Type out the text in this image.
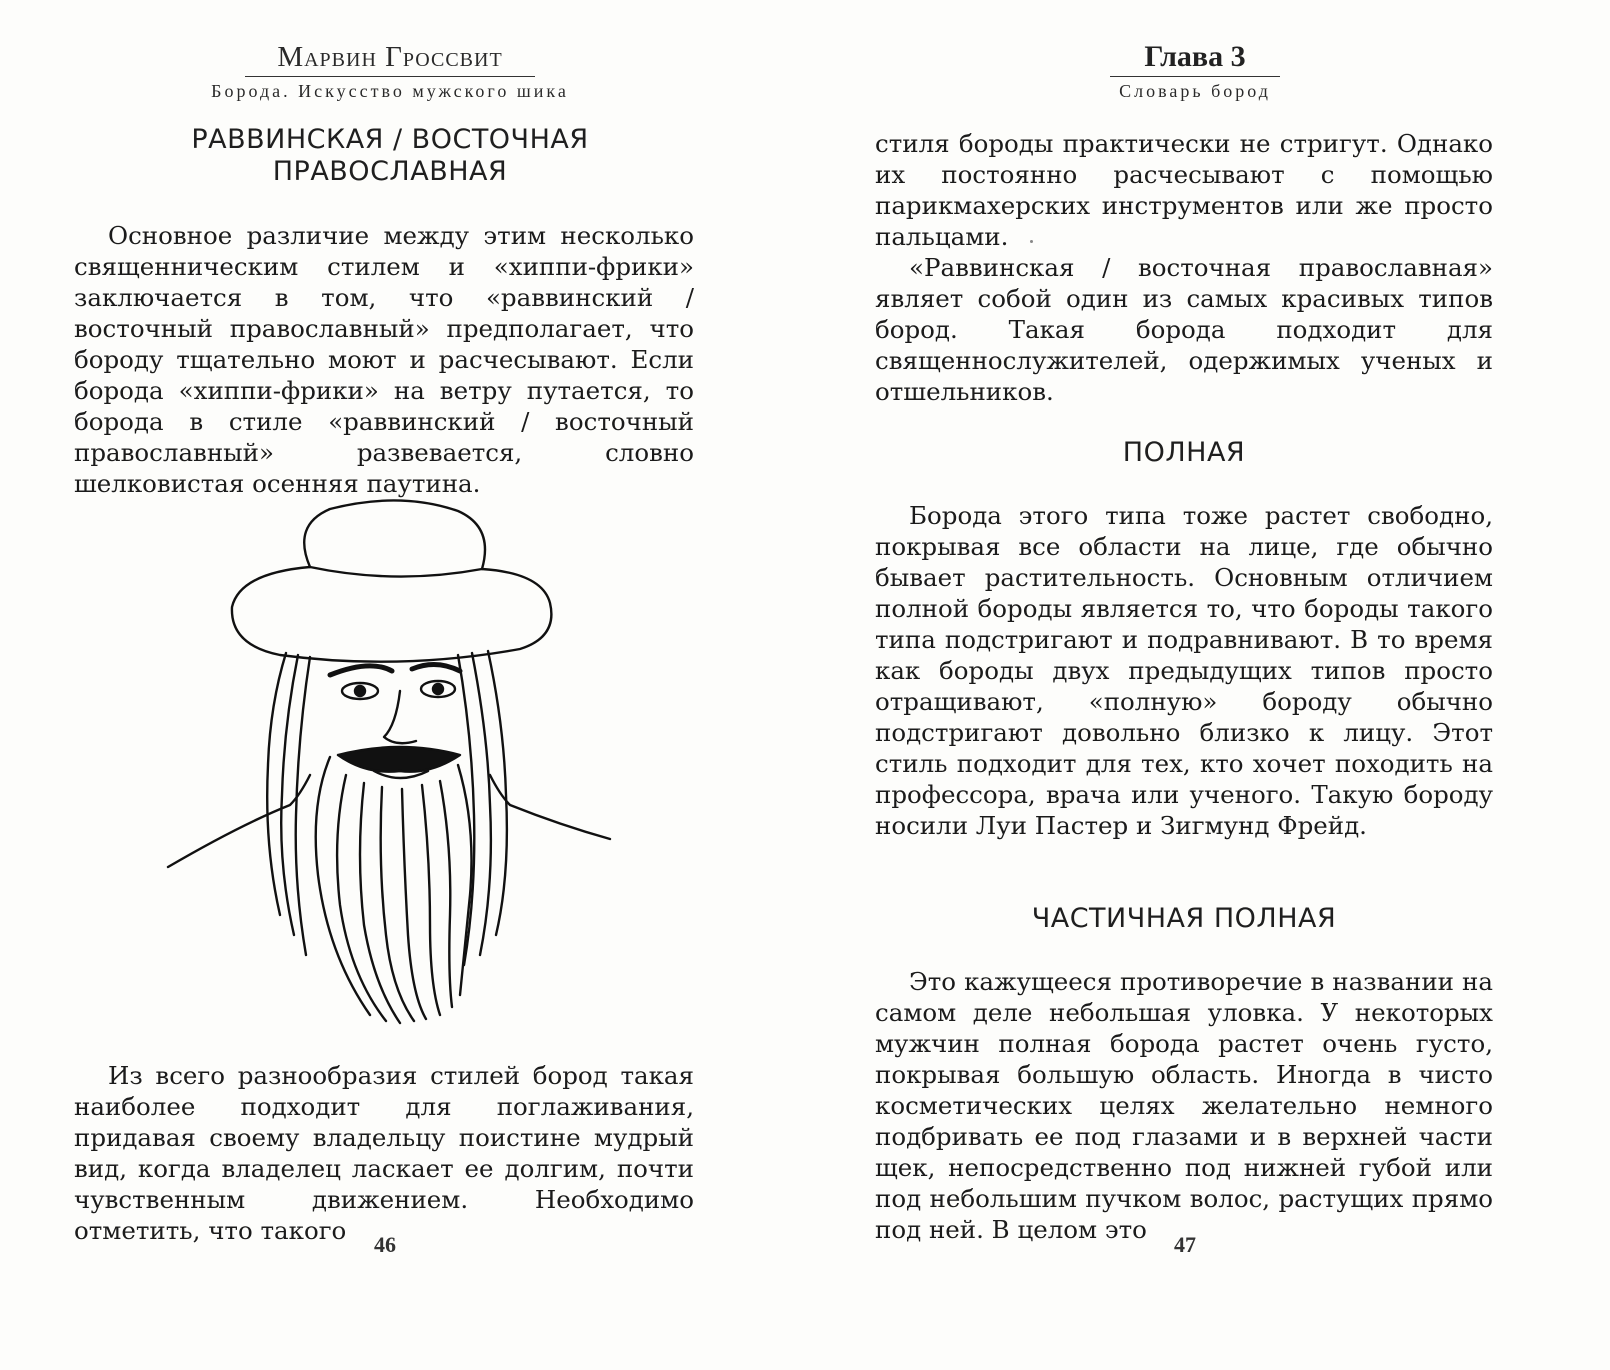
Марвин Гроссвит
Борода. Искусство мужского шика
РАВВИНСКАЯ / ВОСТОЧНАЯ
ПРАВОСЛАВНАЯ
Основное различие между этим несколько священническим стилем и «хиппи-фрики» заключается в том, что «раввинский / восточный православный» предполагает, что бороду тщательно моют и расчесывают. Если борода «хиппи-фрики» на ветру путается, то борода в стиле «раввинский / восточный православный» развевается, словно шелковистая осенняя паутина.
Из всего разнообразия стилей бород такая наиболее подходит для поглаживания, придавая своему владельцу поистине мудрый вид, когда владелец ласкает ее долгим, почти чувственным движением. Необходимо отметить, что такого	46
Глава 3
Словарь бород
стиля бороды практически не стригут. Однако их постоянно расчесывают с помощью парикмахерских инструментов или же просто пальцами.
«Раввинская / восточная православная» являет собой один из самых красивых типов бород. Такая борода подходит для священнослужителей, одержимых ученых и отшельников.
ПОЛНАЯ
Борода этого типа тоже растет свободно, покрывая все области на лице, где обычно бывает растительность. Основным отличием полной бороды является то, что бороды такого типа подстригают и подравнивают. В то время как бороды двух предыдущих типов просто отращивают, «полную» бороду обычно подстригают довольно близко к лицу. Этот стиль подходит для тех, кто хочет походить на профессора, врача или ученого. Такую бороду носили Луи Пастер и Зигмунд Фрейд.
ЧАСТИЧНАЯ ПОЛНАЯ
Это кажущееся противоречие в названии на самом деле небольшая уловка. У некоторых мужчин полная борода растет очень густо, покрывая большую область. Иногда в чисто косметических целях желательно немного подбривать ее под глазами и в верхней части щек, непосредственно под нижней губой или под небольшим пучком волос, растущих прямо под ней. В целом это
47
